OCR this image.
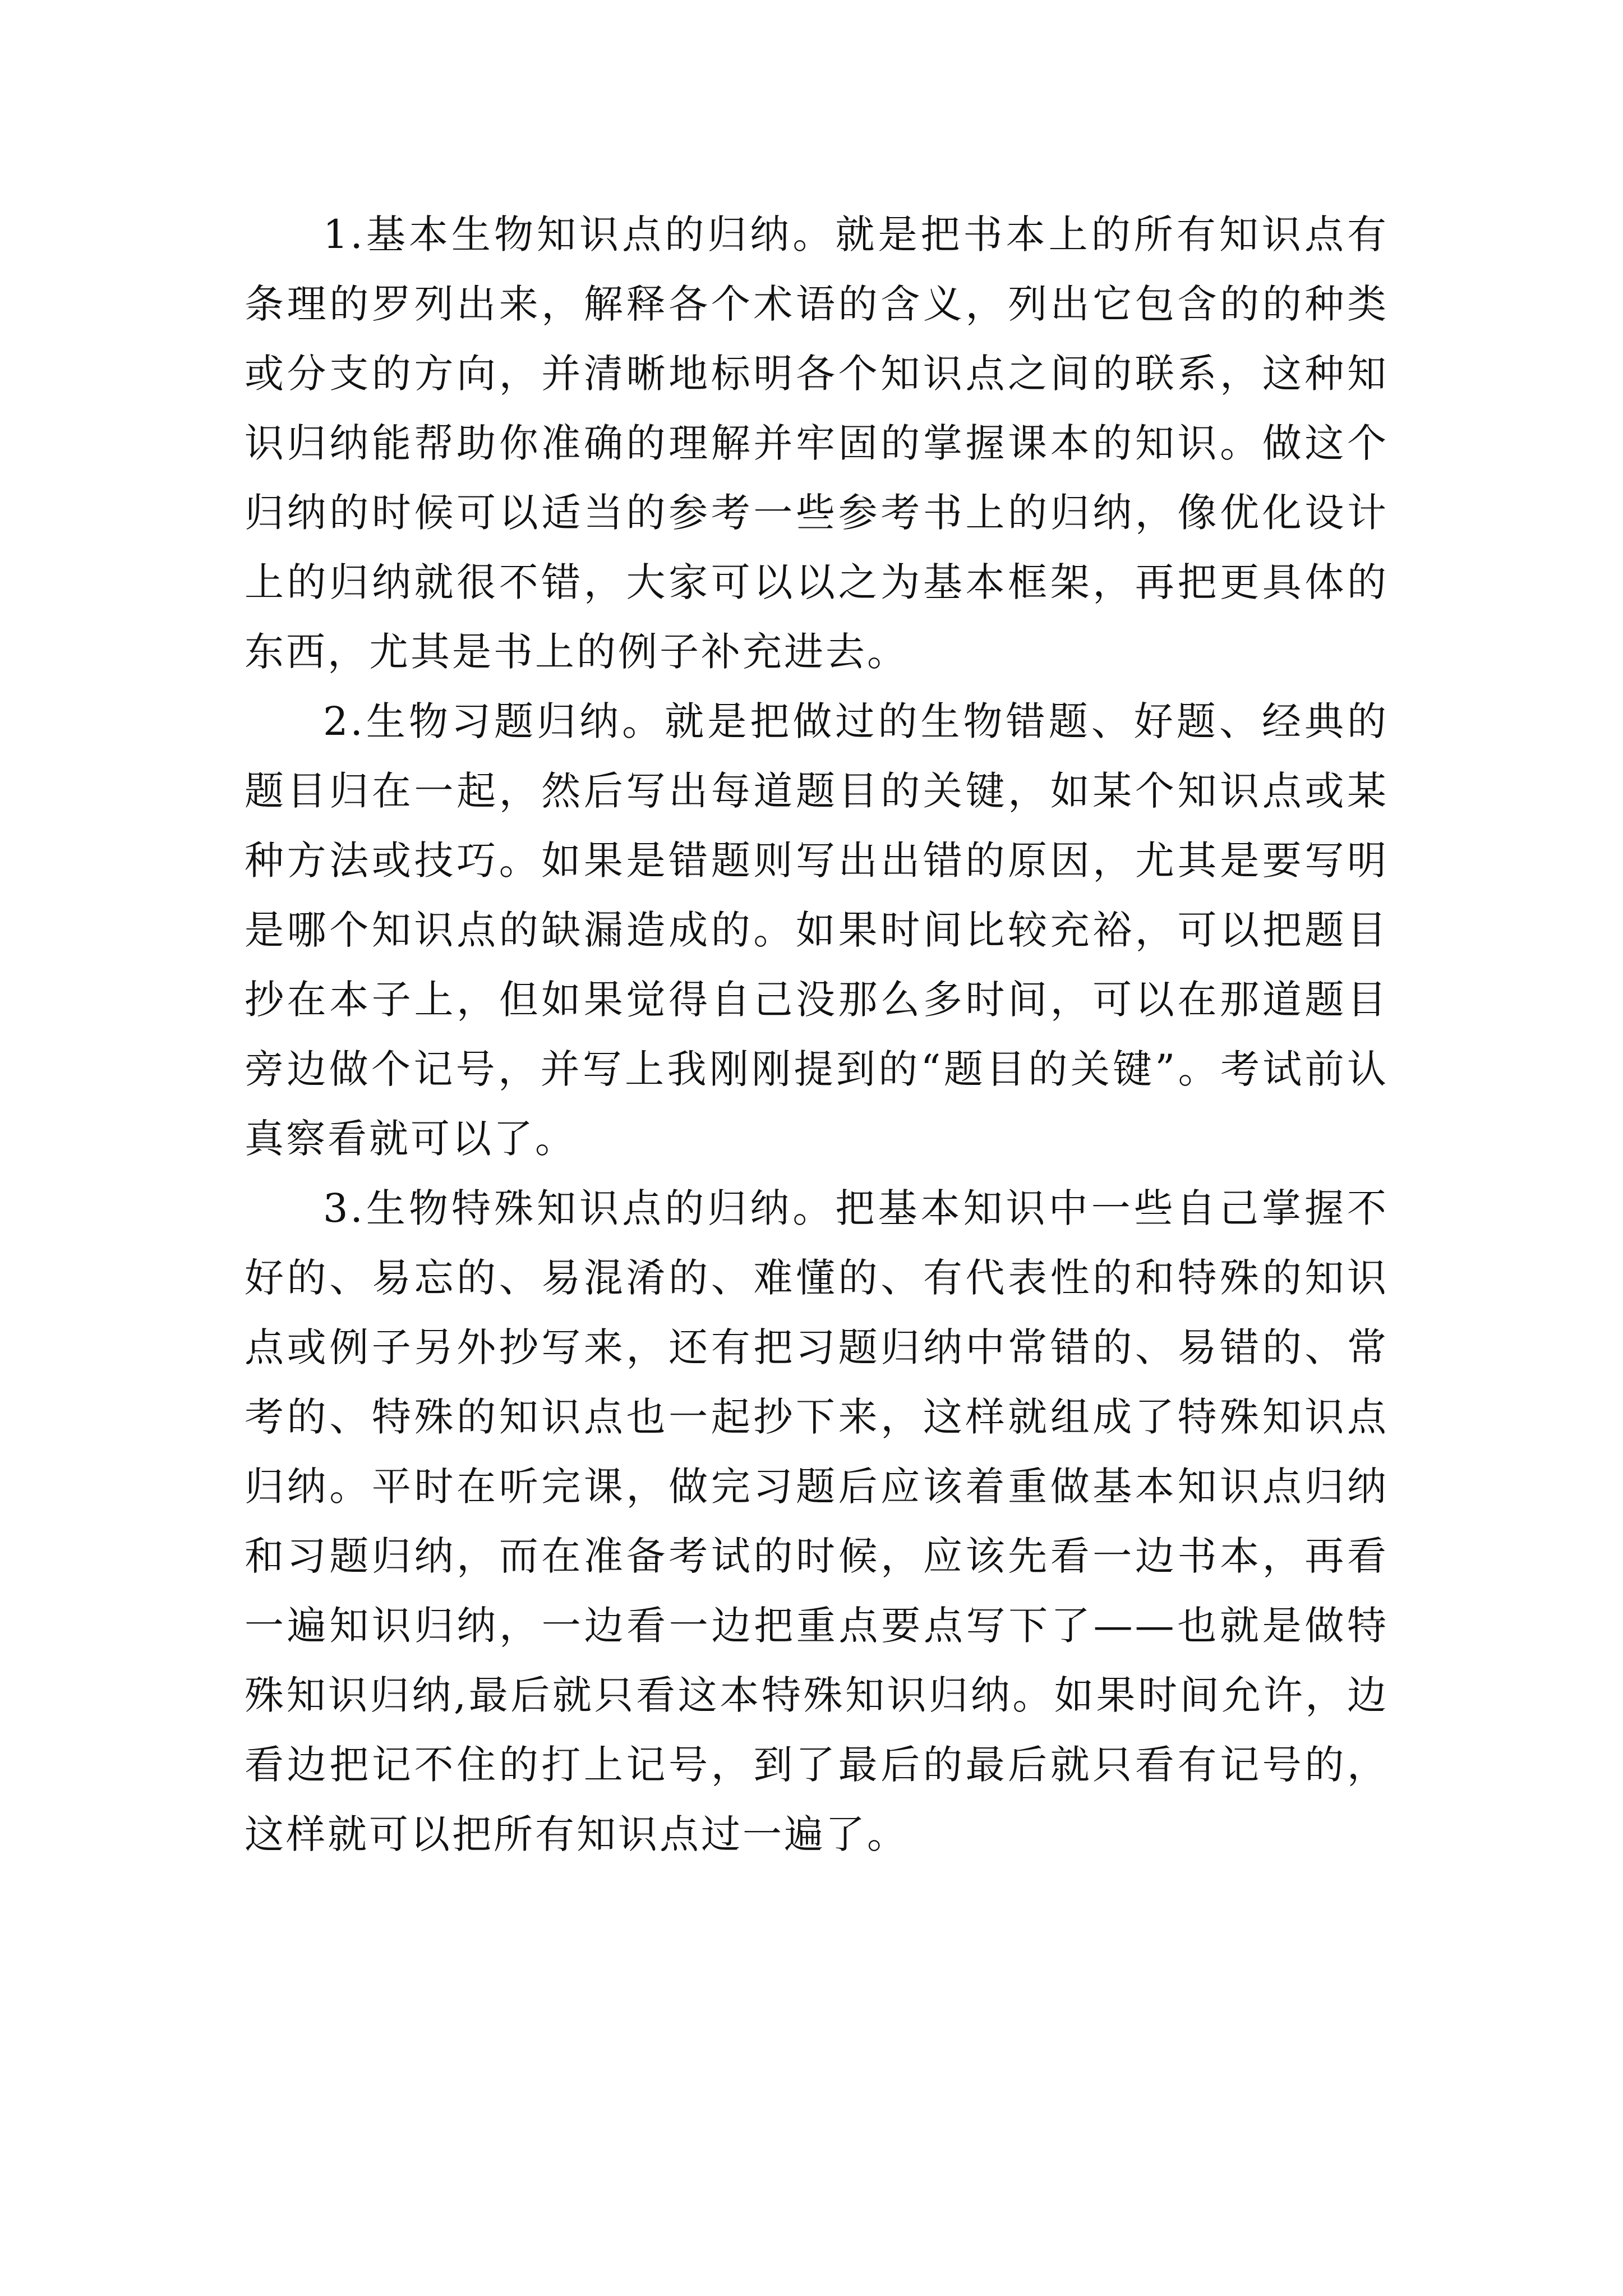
1.基本生物知识点的归纳。就是把书本上的所有知识点有条理的罗列出来，解释各个术语的含义，列出它包含的的种类或分支的方向，并清晰地标明各个知识点之间的联系，这种知识归纳能帮助你准确的理解并牢固的掌握课本的知识。做这个归纳的时候可以适当的参考一些参考书上的归纳，像优化设计上的归纳就很不错，大家可以以之为基本框架，再把更具体的东西，尤其是书上的例子补充进去。

2.生物习题归纳。就是把做过的生物错题、好题、经典的题目归在一起，然后写出每道题目的关键，如某个知识点或某种方法或技巧。如果是错题则写出出错的原因，尤其是要写明是哪个知识点的缺漏造成的。如果时间比较充裕，可以把题目抄在本子上，但如果觉得自己没那么多时间，可以在那道题目旁边做个记号，并写上我刚刚提到的“题目的关键”。考试前认真察看就可以了。

3.生物特殊知识点的归纳。把基本知识中一些自己掌握不好的、易忘的、易混淆的、难懂的、有代表性的和特殊的知识点或例子另外抄写来，还有把习题归纳中常错的、易错的、常考的、特殊的知识点也一起抄下来，这样就组成了特殊知识点归纳。平时在听完课，做完习题后应该着重做基本知识点归纳和习题归纳，而在准备考试的时候，应该先看一边书本，再看一遍知识归纳，一边看一边把重点要点写下了——也就是做特殊知识归纳,最后就只看这本特殊知识归纳。如果时间允许，边看边把记不住的打上记号，到了最后的最后就只看有记号的，这样就可以把所有知识点过一遍了。
